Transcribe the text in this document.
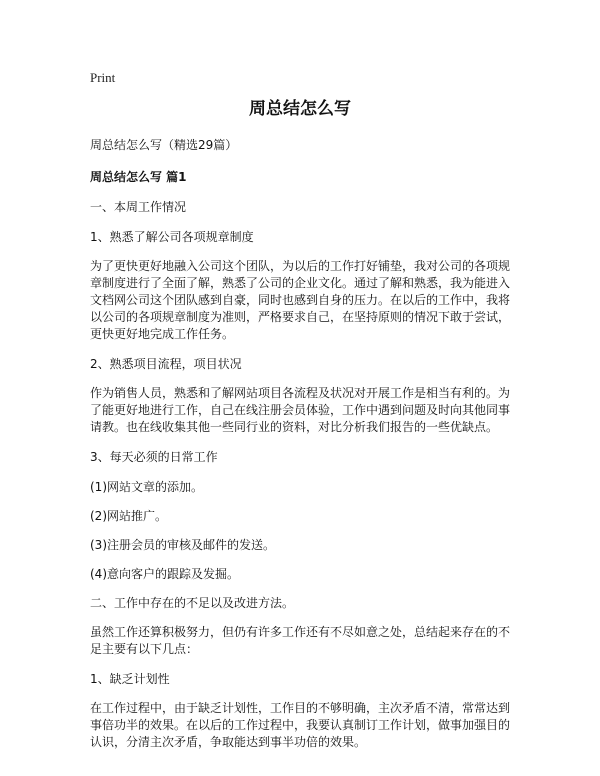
Print
周总结怎么写
周总结怎么写（精选29篇）
周总结怎么写 篇1
一、本周工作情况
1、熟悉了解公司各项规章制度
为了更快更好地融入公司这个团队，为以后的工作打好铺垫，我对公司的各项规章制度进行了全面了解，熟悉了公司的企业文化。通过了解和熟悉，我为能进入文档网公司这个团队感到自豪，同时也感到自身的压力。在以后的工作中，我将以公司的各项规章制度为准则，严格要求自己，在坚持原则的情况下敢于尝试，更快更好地完成工作任务。
2、熟悉项目流程，项目状况
作为销售人员，熟悉和了解网站项目各流程及状况对开展工作是相当有利的。为了能更好地进行工作，自己在线注册会员体验，工作中遇到问题及时向其他同事请教。也在线收集其他一些同行业的资料，对比分析我们报告的一些优缺点。
3、每天必须的日常工作
(1)网站文章的添加。
(2)网站推广。
(3)注册会员的审核及邮件的发送。
(4)意向客户的跟踪及发掘。
二、工作中存在的不足以及改进方法。
虽然工作还算积极努力，但仍有许多工作还有不尽如意之处，总结起来存在的不足主要有以下几点：
1、缺乏计划性
在工作过程中，由于缺乏计划性，工作目的不够明确，主次矛盾不清，常常达到事倍功半的效果。在以后的工作过程中，我要认真制订工作计划，做事加强目的认识，分清主次矛盾，争取能达到事半功倍的效果。
